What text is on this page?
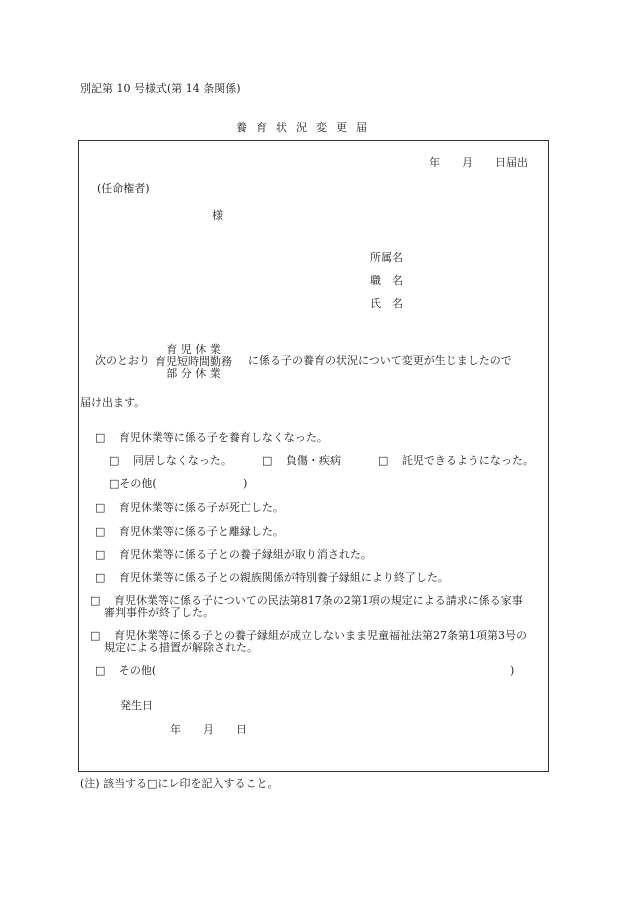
別記第 10 号様式(第 14 条関係)
養育状況変更届
年　　月　　日届出
(任命権者)
様
所属名
職　名
氏　名
次のとおり
育 児 休 業
育児短時間勤務
部 分 休 業
に係る子の養育の状況について変更が生じましたので
届け出ます。
□ 育児休業等に係る子を養育しなくなった。
□ 同居しなくなった。	□ 負傷・疾病	□ 託児できるようになった。
□その他(	)
□ 育児休業等に係る子が死亡した。
□ 育児休業等に係る子と離縁した。
□ 育児休業等に係る子との養子縁組が取り消された。
□ 育児休業等に係る子との親族関係が特別養子縁組により終了した。
□	育児休業等に係る子についての民法第817条の2第1項の規定による請求に係る家事審判事件が終了した。
□	育児休業等に係る子との養子縁組が成立しないまま児童福祉法第27条第1項第3号の規定による措置が解除された。
□ その他(	)
発生日
年　　月　　日
(注) 該当する□にレ印を記入すること。
